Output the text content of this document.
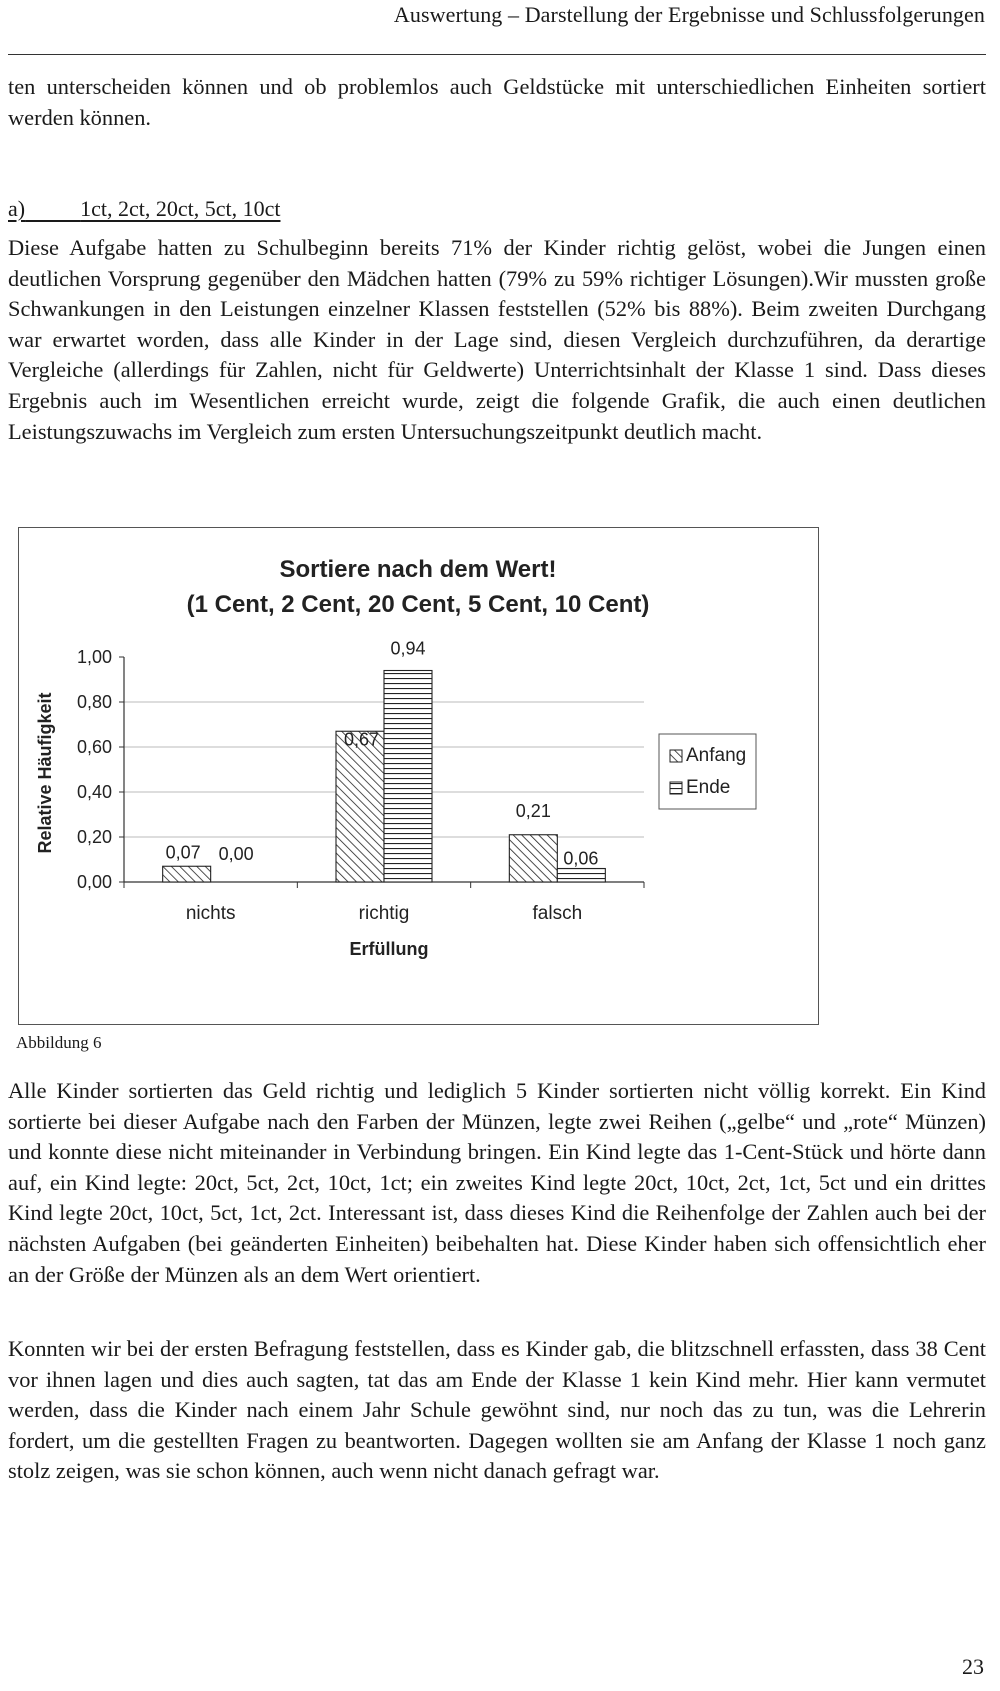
Auswertung – Darstellung der Ergebnisse und Schlussfolgerungen

ten unterscheiden können und ob problemlos auch Geldstücke mit unterschiedlichen Einheiten sortiert werden können.

a)	1ct, 2ct, 20ct, 5ct, 10ct

Diese Aufgabe hatten zu Schulbeginn bereits 71% der Kinder richtig gelöst, wobei die Jungen einen deutlichen Vorsprung gegenüber den Mädchen hatten (79% zu 59% richtiger Lösungen).Wir mussten große Schwankungen in den Leistungen einzelner Klassen feststellen (52% bis 88%). Beim zweiten Durchgang war erwartet worden, dass alle Kinder in der Lage sind, diesen Vergleich durchzuführen, da derartige Vergleiche (allerdings für Zahlen, nicht für Geldwerte) Unterrichtsinhalt der Klasse 1 sind. Dass dieses Ergebnis auch im Wesentlichen erreicht wurde, zeigt die folgende Grafik, die auch einen deutlichen Leistungszuwachs im Vergleich zum ersten Untersuchungszeitpunkt deutlich macht.

Sortiere nach dem Wert!
(1 Cent, 2 Cent, 20 Cent, 5 Cent, 10 Cent)
0,00
0,20
0,40
0,60
0,80
1,00
nichts
0,07 0,00
richtig
0,67
0,94
falsch
0,21
0,06
Relative Häufigkeit
Erfüllung
Anfang
Ende
Abbildung 6

Alle Kinder sortierten das Geld richtig und lediglich 5 Kinder sortierten nicht völlig korrekt. Ein Kind sortierte bei dieser Aufgabe nach den Farben der Münzen, legte zwei Reihen („gelbe“ und „rote“ Münzen) und konnte diese nicht miteinander in Verbindung bringen. Ein Kind legte das 1-Cent-Stück und hörte dann auf, ein Kind legte: 20ct, 5ct, 2ct, 10ct, 1ct; ein zweites Kind legte 20ct, 10ct, 2ct, 1ct, 5ct und ein drittes Kind legte 20ct, 10ct, 5ct, 1ct, 2ct. Interessant ist, dass dieses Kind die Reihenfolge der Zahlen auch bei der nächsten Aufgaben (bei geänderten Einheiten) beibehalten hat. Diese Kinder haben sich offensichtlich eher an der Größe der Münzen als an dem Wert orientiert.

Konnten wir bei der ersten Befragung feststellen, dass es Kinder gab, die blitzschnell erfassten, dass 38 Cent vor ihnen lagen und dies auch sagten, tat das am Ende der Klasse 1 kein Kind mehr. Hier kann vermutet werden, dass die Kinder nach einem Jahr Schule gewöhnt sind, nur noch das zu tun, was die Lehrerin fordert, um die gestellten Fragen zu beantworten. Dagegen wollten sie am Anfang der Klasse 1 noch ganz stolz zeigen, was sie schon können, auch wenn nicht danach gefragt war.

23
